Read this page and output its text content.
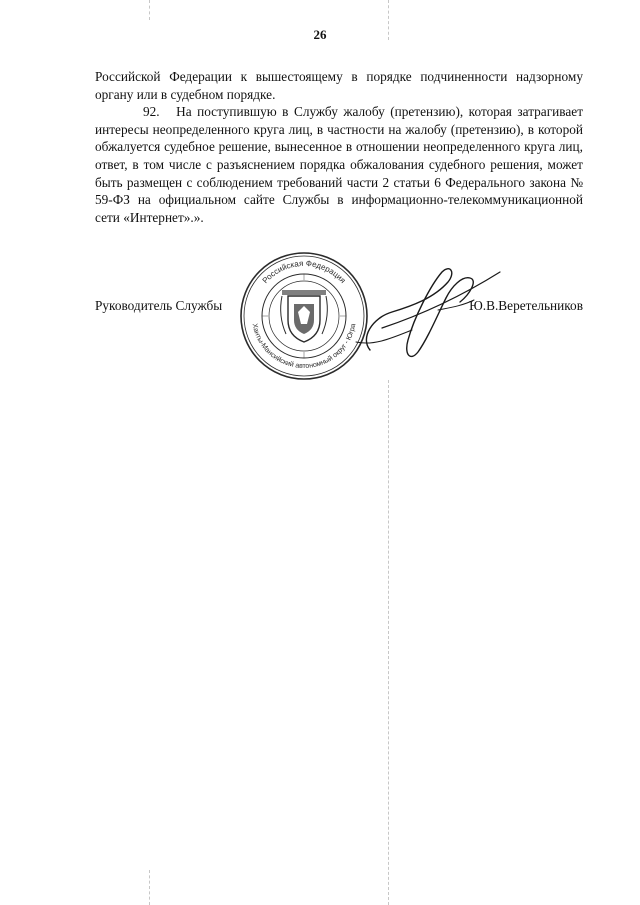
26

Российской Федерации к вышестоящему в порядке подчиненности надзорному органу или в судебном порядке.

92.   На поступившую в Службу жалобу (претензию), которая затрагивает интересы неопределенного круга лиц, в частности на жалобу (претензию), в которой обжалуется судебное решение, вынесенное в отношении неопределенного круга лиц, ответ, в том числе с разъяснением порядка обжалования судебного решения, может быть размещен с соблюдением требований части 2 статьи 6 Федерального закона № 59-ФЗ на официальном сайте Службы в информационно-телекоммуникационной сети «Интернет».».

Российская Федерация
Ханты-Мансийский автономный округ - Югра
Руководитель Службы	Ю.В.Веретельников
